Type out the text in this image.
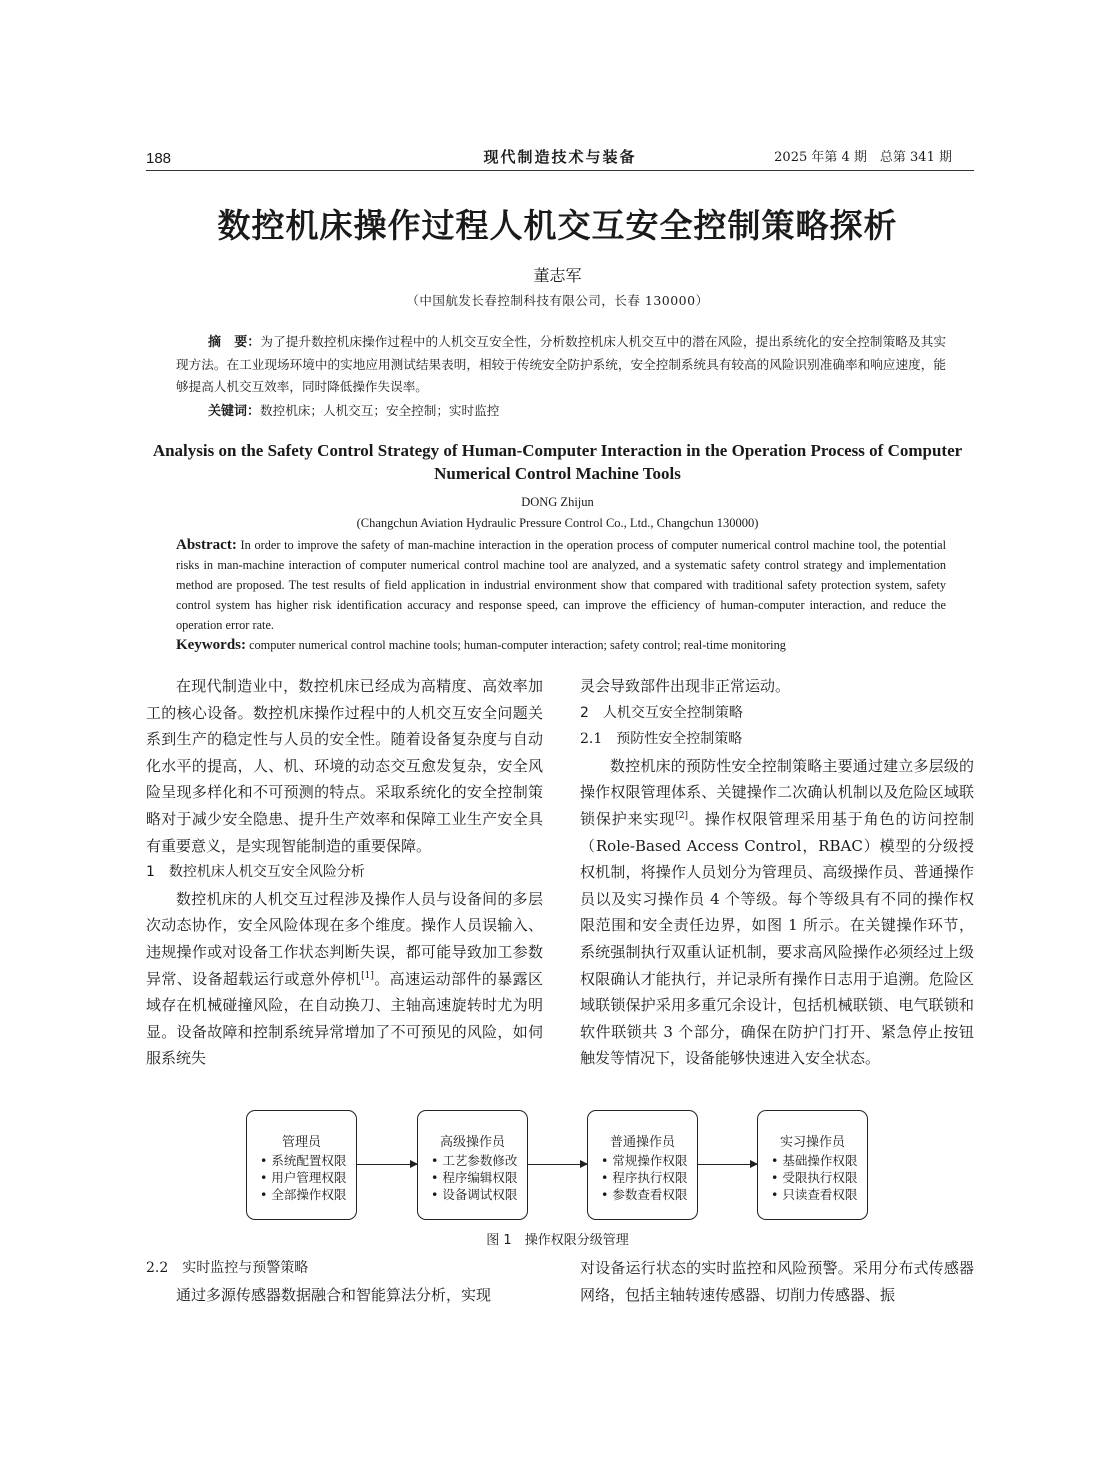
188	现代制造技术与装备	2025 年第 4 期　总第 341 期
数控机床操作过程人机交互安全控制策略探析
董志军
（中国航发长春控制科技有限公司，长春 130000）
摘　要：为了提升数控机床操作过程中的人机交互安全性，分析数控机床人机交互中的潜在风险，提出系统化的安全控制策略及其实现方法。在工业现场环境中的实地应用测试结果表明，相较于传统安全防护系统，安全控制系统具有较高的风险识别准确率和响应速度，能够提高人机交互效率，同时降低操作失误率。
关键词：数控机床；人机交互；安全控制；实时监控
Analysis on the Safety Control Strategy of Human-Computer Interaction in the Operation Process of Computer Numerical Control Machine Tools
DONG Zhijun
(Changchun Aviation Hydraulic Pressure Control Co., Ltd., Changchun 130000)
Abstract: In order to improve the safety of man-machine interaction in the operation process of computer numerical control machine tool, the potential risks in man-machine interaction of computer numerical control machine tool are analyzed, and a systematic safety control strategy and implementation method are proposed. The test results of field application in industrial environment show that compared with traditional safety protection system, safety control system has higher risk identification accuracy and response speed, can improve the efficiency of human-computer interaction, and reduce the operation error rate.
Keywords: computer numerical control machine tools; human-computer interaction; safety control; real-time monitoring

在现代制造业中，数控机床已经成为高精度、高效率加工的核心设备。数控机床操作过程中的人机交互安全问题关系到生产的稳定性与人员的安全性。随着设备复杂度与自动化水平的提高，人、机、环境的动态交互愈发复杂，安全风险呈现多样化和不可预测的特点。采取系统化的安全控制策略对于减少安全隐患、提升生产效率和保障工业生产安全具有重要意义，是实现智能制造的重要保障。

1　数控机床人机交互安全风险分析

数控机床的人机交互过程涉及操作人员与设备间的多层次动态协作，安全风险体现在多个维度。操作人员误输入、违规操作或对设备工作状态判断失误，都可能导致加工参数异常、设备超载运行或意外停机[1]。高速运动部件的暴露区域存在机械碰撞风险，在自动换刀、主轴高速旋转时尤为明显。设备故障和控制系统异常增加了不可预见的风险，如伺服系统失

灵会导致部件出现非正常运动。

2　人机交互安全控制策略
2.1　预防性安全控制策略

数控机床的预防性安全控制策略主要通过建立多层级的操作权限管理体系、关键操作二次确认机制以及危险区域联锁保护来实现[2]。操作权限管理采用基于角色的访问控制（Role-Based Access Control，RBAC）模型的分级授权机制，将操作人员划分为管理员、高级操作员、普通操作员以及实习操作员 4 个等级。每个等级具有不同的操作权限范围和安全责任边界，如图 1 所示。在关键操作环节，系统强制执行双重认证机制，要求高风险操作必须经过上级权限确认才能执行，并记录所有操作日志用于追溯。危险区域联锁保护采用多重冗余设计，包括机械联锁、电气联锁和软件联锁共 3 个部分，确保在防护门打开、紧急停止按钮触发等情况下，设备能够快速进入安全状态。

管理员
• 系统配置权限
• 用户管理权限
• 全部操作权限
高级操作员
• 工艺参数修改
• 程序编辑权限
• 设备调试权限
普通操作员
• 常规操作权限
• 程序执行权限
• 参数查看权限
实习操作员
• 基础操作权限
• 受限执行权限
• 只读查看权限
图 1　操作权限分级管理
2.2　实时监控与预警策略

通过多源传感器数据融合和智能算法分析，实现

对设备运行状态的实时监控和风险预警。采用分布式传感器网络，包括主轴转速传感器、切削力传感器、振
